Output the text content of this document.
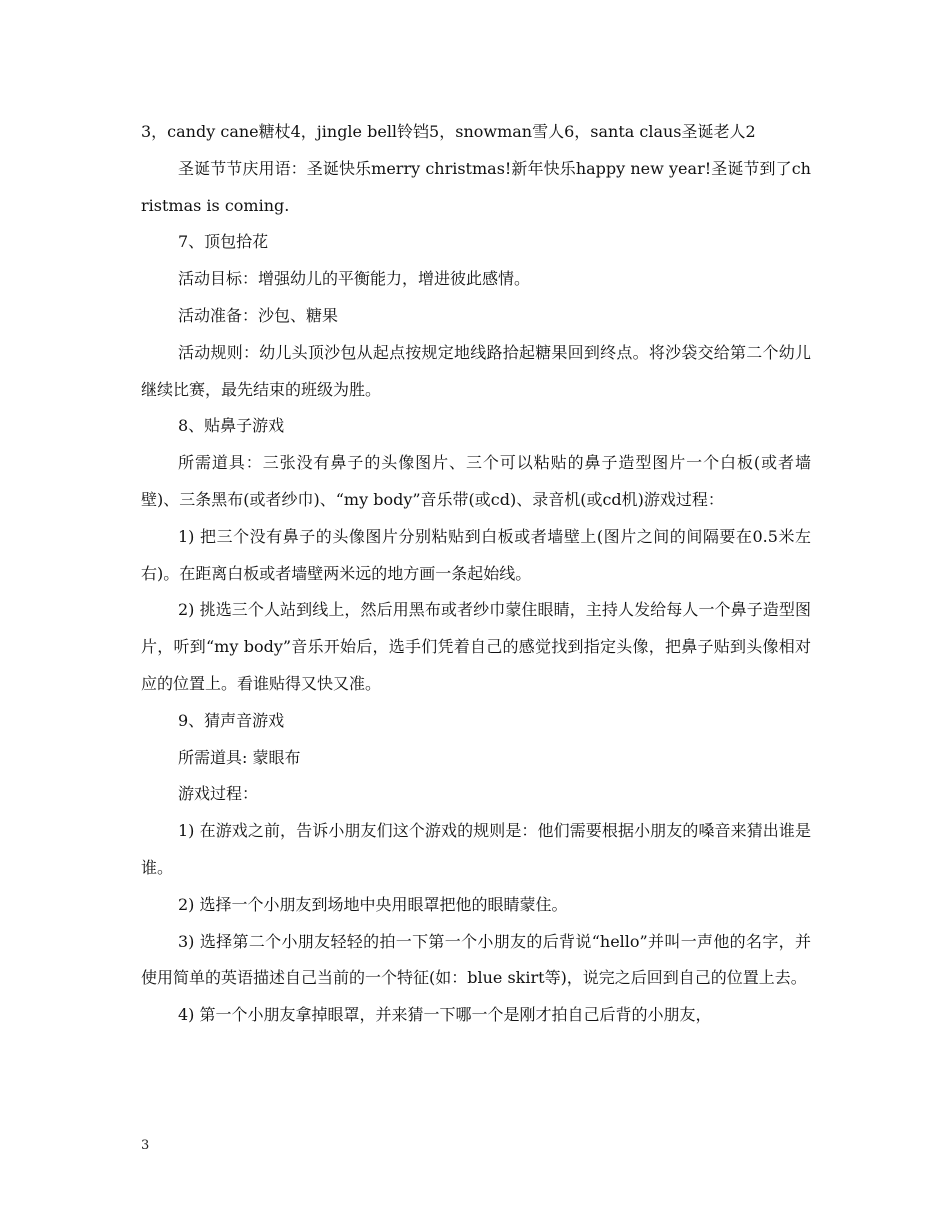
3，candy cane糖杖4，jingle bell铃铛5，snowman雪人6，santa claus圣诞老人2

圣诞节节庆用语：圣诞快乐merry christmas!新年快乐happy new year!圣诞节到了christmas is coming.

7、顶包拾花

活动目标：增强幼儿的平衡能力，增进彼此感情。

活动准备：沙包、糖果

活动规则：幼儿头顶沙包从起点按规定地线路拾起糖果回到终点。将沙袋交给第二个幼儿继续比赛，最先结束的班级为胜。

8、贴鼻子游戏

所需道具：三张没有鼻子的头像图片、三个可以粘贴的鼻子造型图片一个白板(或者墙壁)、三条黑布(或者纱巾)、“my body”音乐带(或cd)、录音机(或cd机)游戏过程：

1) 把三个没有鼻子的头像图片分别粘贴到白板或者墙壁上(图片之间的间隔要在0.5米左右)。在距离白板或者墙壁两米远的地方画一条起始线。

2) 挑选三个人站到线上，然后用黑布或者纱巾蒙住眼睛，主持人发给每人一个鼻子造型图片，听到“my body”音乐开始后，选手们凭着自己的感觉找到指定头像，把鼻子贴到头像相对应的位置上。看谁贴得又快又准。

9、猜声音游戏

所需道具: 蒙眼布

游戏过程：

1) 在游戏之前，告诉小朋友们这个游戏的规则是：他们需要根据小朋友的嗓音来猜出谁是谁。

2) 选择一个小朋友到场地中央用眼罩把他的眼睛蒙住。

3) 选择第二个小朋友轻轻的拍一下第一个小朋友的后背说“hello”并叫一声他的名字，并使用简单的英语描述自己当前的一个特征(如：blue skirt等)，说完之后回到自己的位置上去。

4) 第一个小朋友拿掉眼罩，并来猜一下哪一个是刚才拍自己后背的小朋友，

3
